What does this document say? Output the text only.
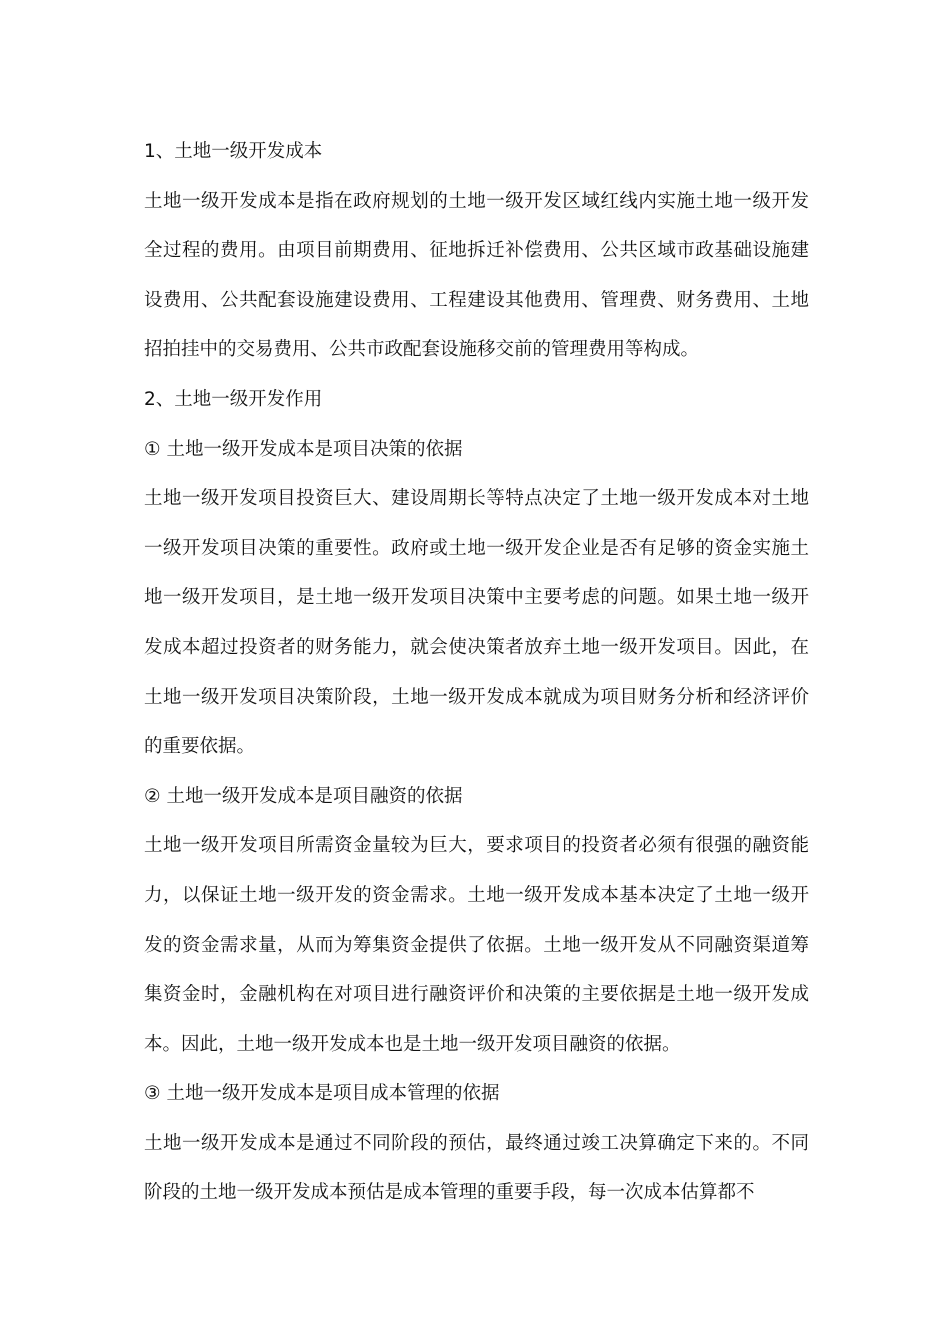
1、土地一级开发成本
土地一级开发成本是指在政府规划的土地一级开发区域红线内实施土地一级开发全过程的费用。由项目前期费用、征地拆迁补偿费用、公共区域市政基础设施建设费用、公共配套设施建设费用、工程建设其他费用、管理费、财务费用、土地招拍挂中的交易费用、公共市政配套设施移交前的管理费用等构成。
2、土地一级开发作用
① 土地一级开发成本是项目决策的依据
土地一级开发项目投资巨大、建设周期长等特点决定了土地一级开发成本对土地一级开发项目决策的重要性。政府或土地一级开发企业是否有足够的资金实施土地一级开发项目，是土地一级开发项目决策中主要考虑的问题。如果土地一级开发成本超过投资者的财务能力，就会使决策者放弃土地一级开发项目。因此，在土地一级开发项目决策阶段，土地一级开发成本就成为项目财务分析和经济评价的重要依据。
② 土地一级开发成本是项目融资的依据
土地一级开发项目所需资金量较为巨大，要求项目的投资者必须有很强的融资能力，以保证土地一级开发的资金需求。土地一级开发成本基本决定了土地一级开发的资金需求量，从而为筹集资金提供了依据。土地一级开发从不同融资渠道筹集资金时，金融机构在对项目进行融资评价和决策的主要依据是土地一级开发成本。因此，土地一级开发成本也是土地一级开发项目融资的依据。
③ 土地一级开发成本是项目成本管理的依据
土地一级开发成本是通过不同阶段的预估，最终通过竣工决算确定下来的。不同阶段的土地一级开发成本预估是成本管理的重要手段，每一次成本估算都不
